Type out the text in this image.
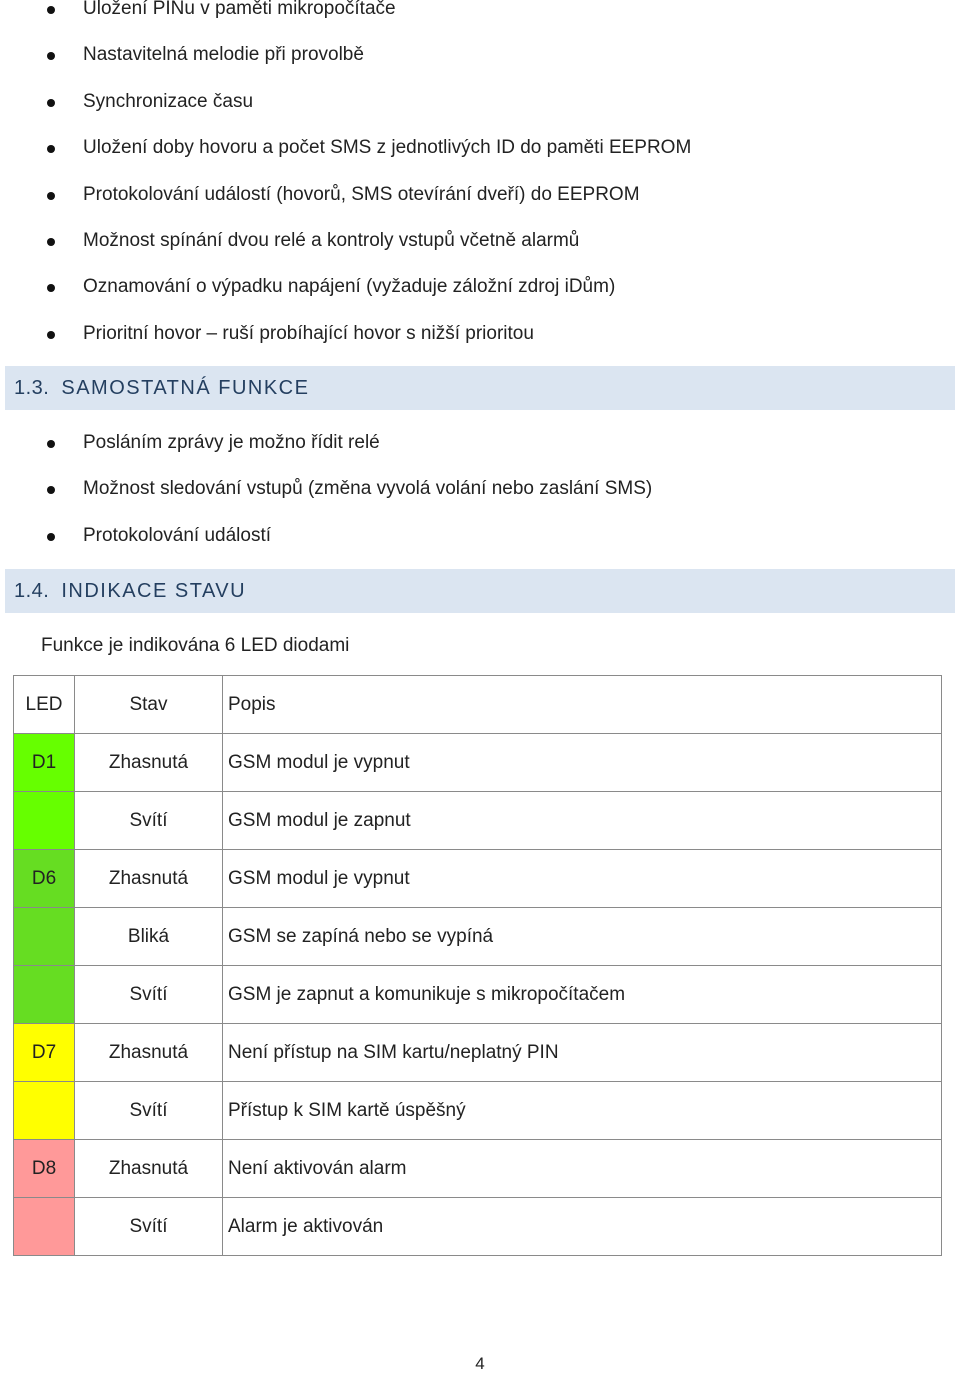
Uložení PINu v paměti mikropočítače
Nastavitelná melodie při provolbě
Synchronizace času
Uložení doby hovoru a počet SMS z jednotlivých ID do paměti EEPROM
Protokolování událostí (hovorů, SMS otevírání dveří) do EEPROM
Možnost spínání dvou relé a kontroly vstupů včetně alarmů
Oznamování o výpadku napájení (vyžaduje záložní zdroj iDům)
Prioritní hovor – ruší probíhající hovor s nižší prioritou
1.3. SAMOSTATNÁ FUNKCE
Posláním zprávy je možno řídit relé
Možnost sledování vstupů (změna vyvolá volání nebo zaslání SMS)
Protokolování událostí
1.4. INDIKACE STAVU
Funkce je indikována 6 LED diodami
LED	Stav	Popis
D1	Zhasnutá	GSM modul je vypnut
	Svítí	GSM modul je zapnut
D6	Zhasnutá	GSM modul je vypnut
	Bliká	GSM se zapíná nebo se vypíná
	Svítí	GSM je zapnut a komunikuje s mikropočítačem
D7	Zhasnutá	Není přístup na SIM kartu/neplatný PIN
	Svítí	Přístup k SIM kartě úspěšný
D8	Zhasnutá	Není aktivován alarm
	Svítí	Alarm je aktivován
4
